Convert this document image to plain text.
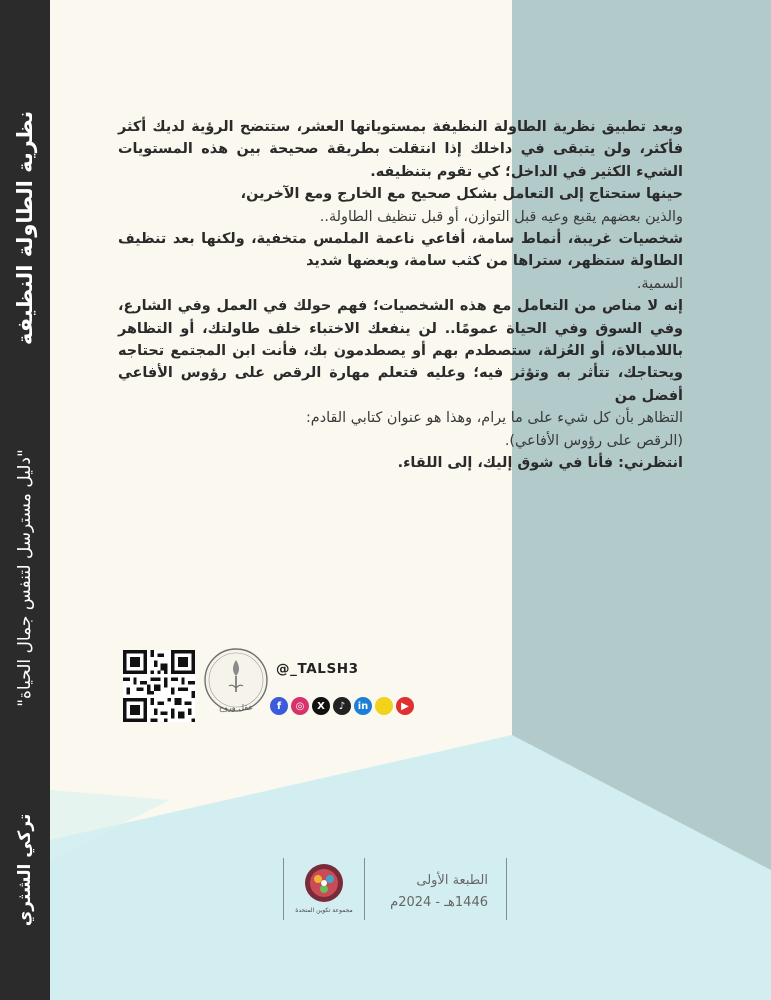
نظرية الطاولة النظيفة
"دليل مسترسل لتنفس جمال الحياة"
تركي الشثري

وبعد تطبيق نظرية الطاولة النظيفة بمستوياتها العشر، ستتضح الرؤية لديك أكثر فأكثر، ولن يتبقى في داخلك إذا انتقلت بطريقة صحيحة بين هذه المستويات الشيء الكثير في الداخل؛ كي تقوم بتنظيفه.

حينها ستحتاج إلى التعامل بشكل صحيح مع الخارج ومع الآخرين،

والذين بعضهم يقبع وعيه قبل التوازن، أو قبل تنظيف الطاولة..

شخصيات غريبة، أنماط سامة، أفاعي ناعمة الملمس متخفية، ولكنها بعد تنظيف الطاولة ستظهر، ستراها من كثب سامة، وبعضها شديد

السمية.

إنه لا مناص من التعامل مع هذه الشخصيات؛ فهم حولك في العمل وفي الشارع، وفي السوق وفي الحياة عمومًا.. لن ينفعك الاختباء خلف طاولتك، أو التظاهر باللامبالاة، أو العُزلة، ستصطدم بهم أو يصطدمون بك، فأنت ابن المجتمع تحتاجه ويحتاجك، تتأثر به وتؤثر فيه؛ وعليه فتعلم مهارة الرقص على رؤوس الأفاعي أفضل من

التظاهر بأن كل شيء على ما يرام، وهذا هو عنوان كتابي القادم:

(الرقص على رؤوس الأفاعي).

انتظرني: فأنا في شوق إليك، إلى اللقاء.

عقل وروح
@_TALSH3
f	◎	X	♪	in	●	▶
مجموعة تكوين المتحدة
الطبعة الأولى
1446هـ - 2024م
